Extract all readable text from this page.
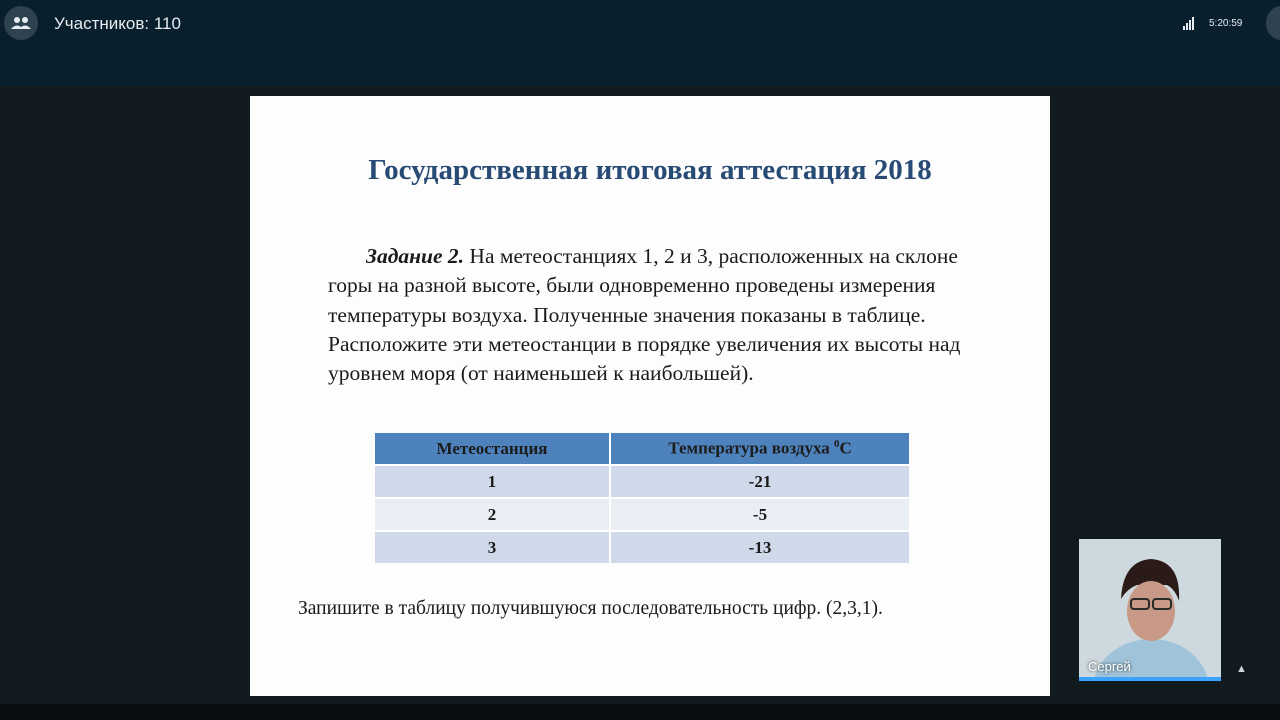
Участников: 110	5:20:59
Государственная итоговая аттестация 2018
Задание 2. На метеостанциях 1, 2 и 3, расположенных на склоне горы на разной высоте, были одновременно проведены измерения температуры воздуха. Полученные значения показаны в таблице. Расположите эти метеостанции в порядке увеличения их высоты над уровнем моря (от наименьшей к наибольшей).
Метеостанция	Температура воздуха $^0$С
1	-21
2	-5
3	-13
Запишите в таблицу получившуюся последовательность цифр. (2,3,1).
Сергей	▲
